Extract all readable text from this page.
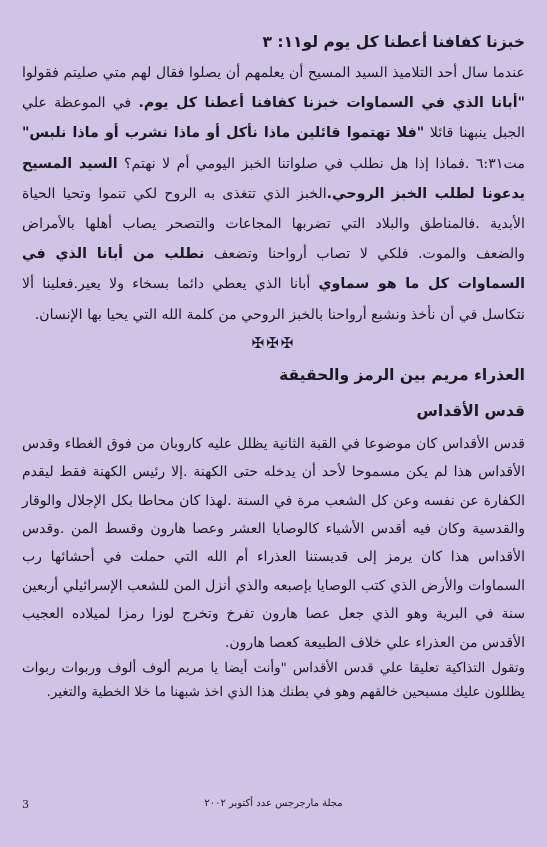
خبزنا كفافنا أعطنا كل يوم لو١١: ٣

عندما سال أحد التلاميذ السيد المسيح أن يعلمهم أن يصلوا فقال لهم متي صليتم فقولوا "أبانا الذي في السماوات خبزنا كفافنا أعطنا كل يوم. في الموعظة علي الجبل ينبهنا قائلا "فلا تهتموا قائلين ماذا نأكل أو ماذا نشرب أو ماذا نلبس" مت٦:٣١ .فماذا إذا هل نطلب في صلواتنا الخبز اليومي أم لا نهتم؟ السيد المسيح يدعونا لطلب الخبز الروحي.الخبز الذي تتغذى به الروح لكي تنموا وتحيا الحياة الأبدية .فالمناطق والبلاد التي تضربها المجاعات والتصحر يصاب أهلها بالأمراض والضعف والموت. فلكي لا تصاب أرواحنا وتضعف نطلب من أبانا الذي في السماوات كل ما هو سماوي أبانا الذي يعطي دائما بسخاء ولا يعير.فعلينا ألا نتكاسل في أن نأخذ ونشبع أرواحنا بالخبز الروحي من كلمة الله التي يحيا بها الإنسان.

✠✠✠
العذراء مريم بين الرمز والحقيقة
قدس الأقداس

قدس الأقداس كان موضوعا في القبة الثانية يظلل عليه كاروبان من فوق الغطاء وقدس الأقداس هذا لم يكن مسموحا لأحد أن يدخله حتى الكهنة .إلا رئيس الكهنة فقط ليقدم الكفارة عن نفسه وعن كل الشعب مرة في السنة .لهذا كان محاطا بكل الإجلال والوقار والقدسية وكان فيه أقدس الأشياء كالوصايا العشر وعصا هارون وقسط المن .وقدس الأقداس هذا كان يرمز إلى قديستنا العذراء أم الله التي حملت في أحشائها رب السماوات والأرض الذي كتب الوصايا بإصبعه والذي أنزل المن للشعب الإسرائيلي أربعين سنة في البرية وهو الذي جعل عصا هارون تفرخ وتخرج لوزا رمزا لميلاده العجيب الأقدس من العذراء علي خلاف الطبيعة كعصا هارون.

وتقول التذاكية تعليقا علي قدس الأقداس "وأنت أيضا يا مريم ألوف ألوف وربوات ربوات يظللون عليك مسبحين خالقهم وهو في بطنك هذا الذي اخذ شبهنا ما خلا الخطية والتغير.

3	مجلة مارجرجس عدد أكتوبر ٢٠٠٢
